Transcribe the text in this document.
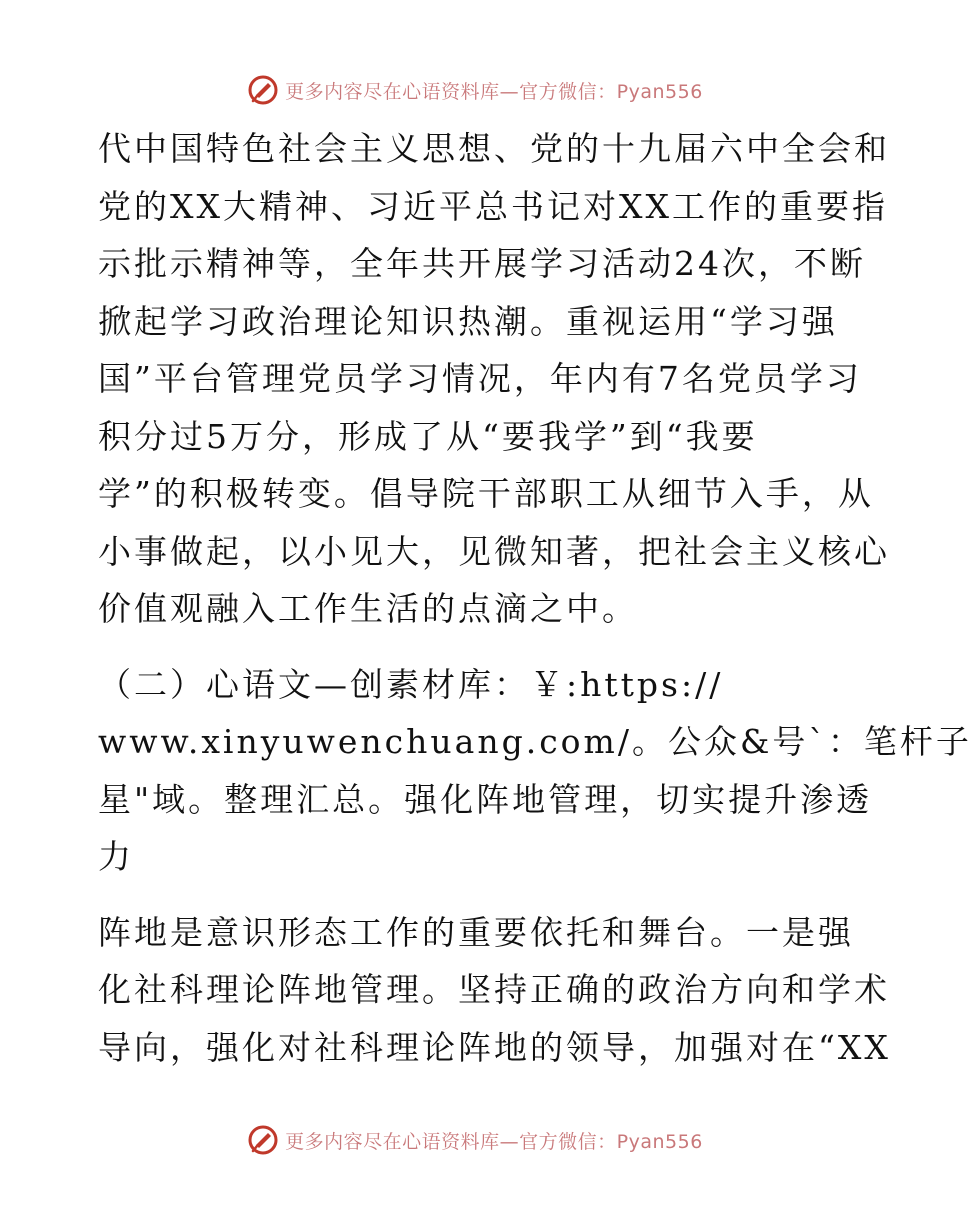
更多内容尽在心语资料库—官方微信：Pyan556
代中国特色社会主义思想、党的十九届六中全会和
党的XX大精神、习近平总书记对XX工作的重要指
示批示精神等，全年共开展学习活动24次，不断
掀起学习政治理论知识热潮。重视运用“学习强
国”平台管理党员学习情况，年内有7名党员学习
积分过5万分，形成了从“要我学”到“我要
学”的积极转变。倡导院干部职工从细节入手，从
小事做起，以小见大，见微知著，把社会主义核心
价值观融入工作生活的点滴之中。
（二）心语文—创素材库：￥:https://
www.xinyuwenchuang.com/。公众&号`：笔杆子
星"域。整理汇总。强化阵地管理，切实提升渗透
力
阵地是意识形态工作的重要依托和舞台。一是强
化社科理论阵地管理。坚持正确的政治方向和学术
导向，强化对社科理论阵地的领导，加强对在“XX
更多内容尽在心语资料库—官方微信：Pyan556
